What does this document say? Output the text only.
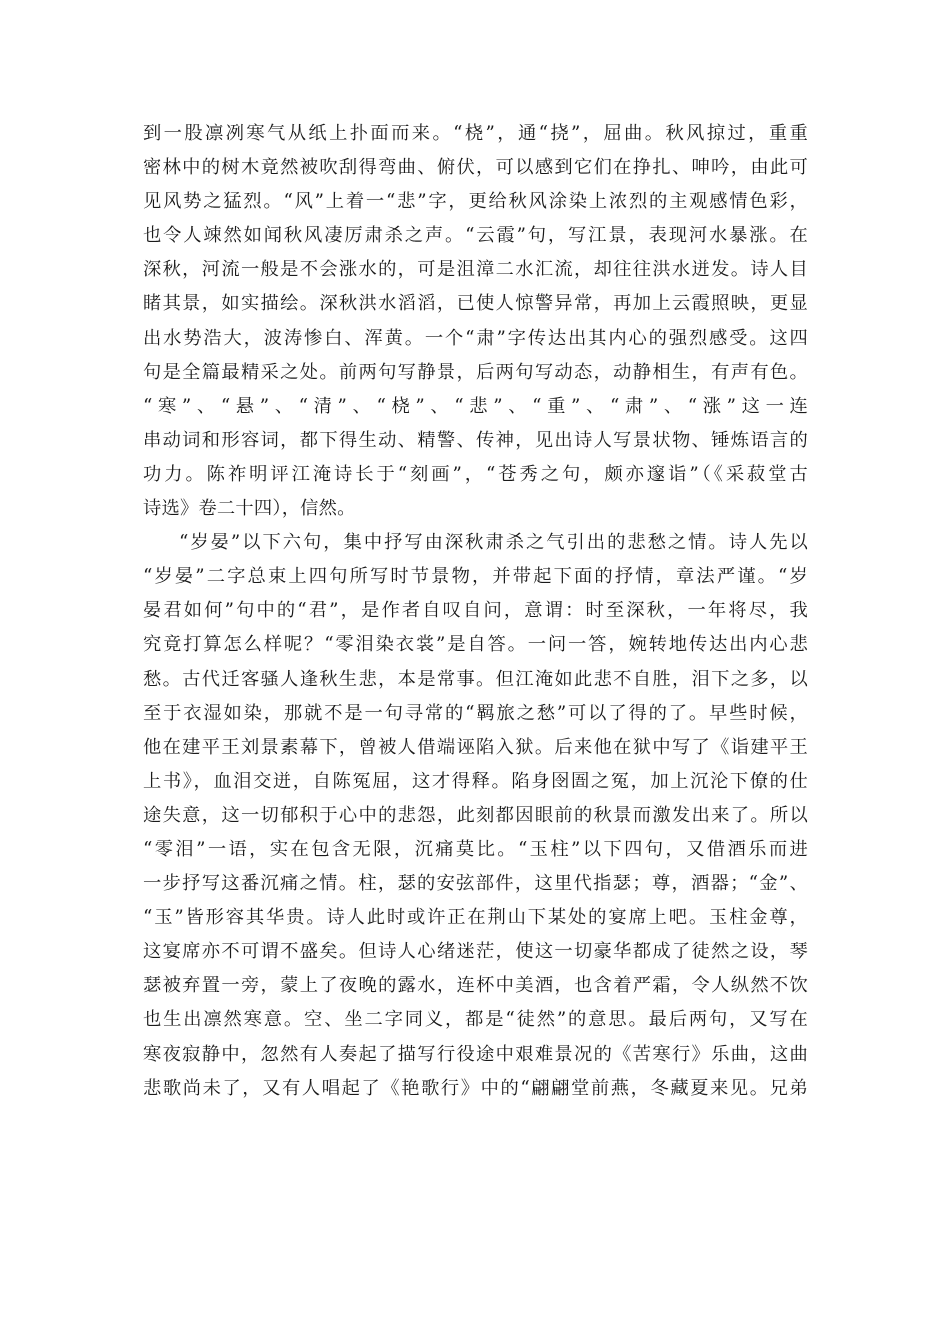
到一股凛冽寒气从纸上扑面而来。“桡”，通“挠”，屈曲。秋风掠过，重重
密林中的树木竟然被吹刮得弯曲、俯伏，可以感到它们在挣扎、呻吟，由此可
见风势之猛烈。“风”上着一“悲”字，更给秋风涂染上浓烈的主观感情色彩，
也令人竦然如闻秋风凄厉肃杀之声。“云霞”句，写江景，表现河水暴涨。在
深秋，河流一般是不会涨水的，可是沮漳二水汇流，却往往洪水迸发。诗人目
睹其景，如实描绘。深秋洪水滔滔，已使人惊警异常，再加上云霞照映，更显
出水势浩大，波涛惨白、浑黄。一个“肃”字传达出其内心的强烈感受。这四
句是全篇最精采之处。前两句写静景，后两句写动态，动静相生，有声有色。
“寒”、“悬”、“清”、“桡”、“悲”、“重”、“肃”、“涨”这一连
串动词和形容词，都下得生动、精警、传神，见出诗人写景状物、锤炼语言的
功力。陈祚明评江淹诗长于“刻画”，“苍秀之句，颇亦邃诣”（《采菽堂古
诗选》卷二十四），信然。
“岁晏”以下六句，集中抒写由深秋肃杀之气引出的悲愁之情。诗人先以
“岁晏”二字总束上四句所写时节景物，并带起下面的抒情，章法严谨。“岁
晏君如何”句中的“君”，是作者自叹自问，意谓：时至深秋，一年将尽，我
究竟打算怎么样呢？“零泪染衣裳”是自答。一问一答，婉转地传达出内心悲
愁。古代迁客骚人逢秋生悲，本是常事。但江淹如此悲不自胜，泪下之多，以
至于衣湿如染，那就不是一句寻常的“羁旅之愁”可以了得的了。早些时候，
他在建平王刘景素幕下，曾被人借端诬陷入狱。后来他在狱中写了《诣建平王
上书》，血泪交迸，自陈冤屈，这才得释。陷身囹圄之冤，加上沉沦下僚的仕
途失意，这一切郁积于心中的悲怨，此刻都因眼前的秋景而激发出来了。所以
“零泪”一语，实在包含无限，沉痛莫比。“玉柱”以下四句，又借酒乐而进
一步抒写这番沉痛之情。柱，瑟的安弦部件，这里代指瑟；尊，酒器；“金”、
“玉”皆形容其华贵。诗人此时或许正在荆山下某处的宴席上吧。玉柱金尊，
这宴席亦不可谓不盛矣。但诗人心绪迷茫，使这一切豪华都成了徒然之设，琴
瑟被弃置一旁，蒙上了夜晚的露水，连杯中美酒，也含着严霜，令人纵然不饮
也生出凛然寒意。空、坐二字同义，都是“徒然”的意思。最后两句，又写在
寒夜寂静中，忽然有人奏起了描写行役途中艰难景况的《苦寒行》乐曲，这曲
悲歌尚未了，又有人唱起了《艳歌行》中的“翩翩堂前燕，冬藏夏来见。兄弟
